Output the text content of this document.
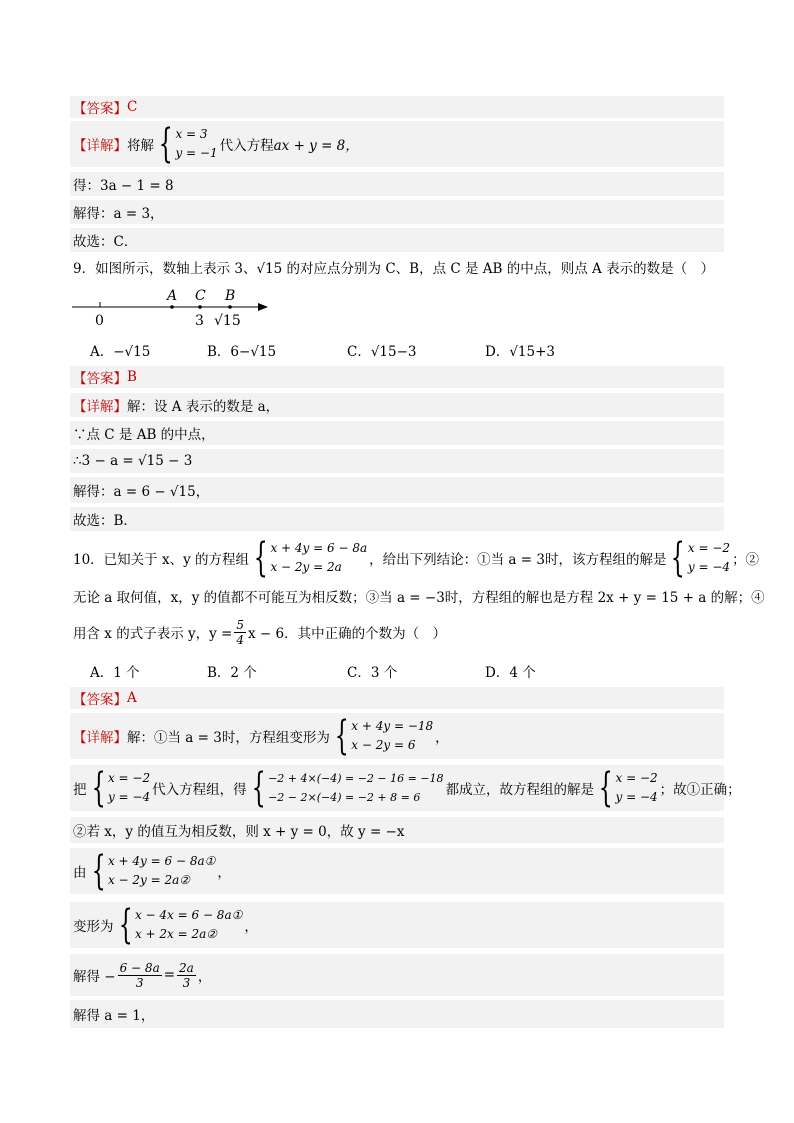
【答案】 C
【详解】 将解 { x = 3
y = −1 代入方程 ax + y = 8，
得：3a − 1 = 8
解得：a = 3，
故选：C．
9．如图所示，数轴上表示 3、√15 的对应点分别为 C、B，点 C 是 AB 的中点，则点 A 表示的数是（　）
A C B
0	3 √15
A．−√15	B．6−√15	C．√15−3	D．√15+3
【答案】 B
【详解】 解：设 A 表示的数是 a，
∵点 C 是 AB 的中点，
∴3 − a = √15 − 3
解得：a = 6 − √15，
故选：B．
10．已知关于 x、y 的方程组 { x + 4y = 6 − 8a
x − 2y = 2a	，给出下列结论：①当 a = 3时，该方程组的解是 { x = −2
y = −4 ；②
无论 a 取何值，x，y 的值都不可能互为相反数；③当 a = −3时，方程组的解也是方程 2x + y = 15 + a 的解；④
用含 x 的式子表示 y，$y = \frac{5}{4}$ x − 6．其中正确的个数为（　）
A．1 个	B．2 个	C．3 个	D．4 个
【答案】 A
【详解】 解：①当 a = 3时，方程组变形为 { x + 4y = −18
x − 2y = 6	，
把 { x = −2
y = −4 代入方程组，得 { −2 + 4×(−4) = −2 − 16 = −18
−2 − 2×(−4) = −2 + 8 = 6	都成立，故方程组的解是 { x = −2
y = −4 ；故①正确；
②若 x，y 的值互为相反数，则 x + y = 0，故 y = −x
由 { x + 4y = 6 − 8a①
x − 2y = 2a②	，
变形为 { x − 4x = 6 − 8a①
x + 2x = 2a②	，
解得 − $\frac{6 - 8a}{3} = \frac{2a}{3}$ ，
解得 a = 1，
